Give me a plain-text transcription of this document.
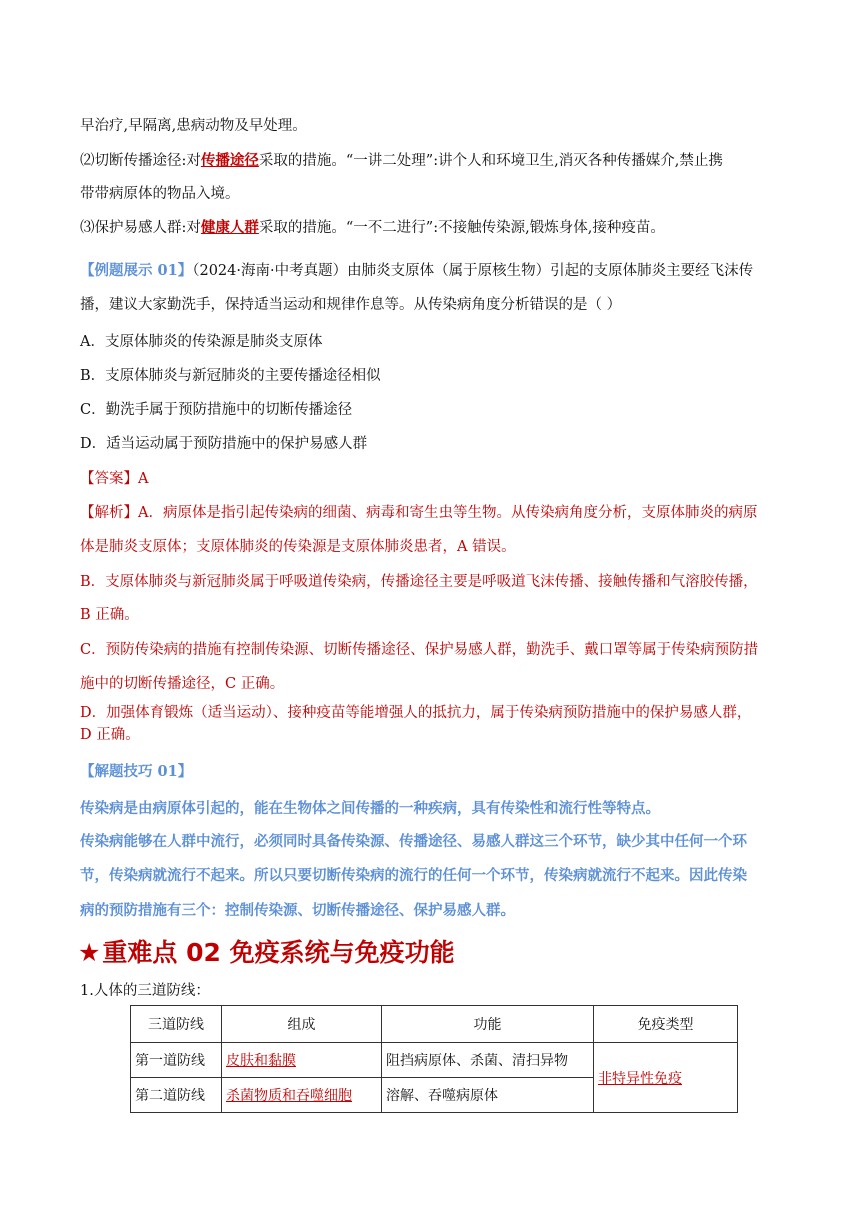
早治疗,早隔离,患病动物及早处理。
⑵切断传播途径:对传播途径采取的措施。“一讲二处理”:讲个人和环境卫生,消灭各种传播媒介,禁止携
带带病原体的物品入境。
⑶保护易感人群:对健康人群采取的措施。“一不二进行”:不接触传染源,锻炼身体,接种疫苗。
【例题展示 01】（2024·海南·中考真题）由肺炎支原体（属于原核生物）引起的支原体肺炎主要经飞沫传
播，建议大家勤洗手，保持适当运动和规律作息等。从传染病角度分析错误的是（ ）
A．支原体肺炎的传染源是肺炎支原体
B．支原体肺炎与新冠肺炎的主要传播途径相似
C．勤洗手属于预防措施中的切断传播途径
D．适当运动属于预防措施中的保护易感人群
【答案】A
【解析】A．病原体是指引起传染病的细菌、病毒和寄生虫等生物。从传染病角度分析，支原体肺炎的病原
体是肺炎支原体；支原体肺炎的传染源是支原体肺炎患者，A 错误。
B．支原体肺炎与新冠肺炎属于呼吸道传染病，传播途径主要是呼吸道飞沫传播、接触传播和气溶胶传播，
B 正确。
C．预防传染病的措施有控制传染源、切断传播途径、保护易感人群，勤洗手、戴口罩等属于传染病预防措
施中的切断传播途径，C 正确。
D．加强体育锻炼（适当运动）、接种疫苗等能增强人的抵抗力，属于传染病预防措施中的保护易感人群，
D 正确。
【解题技巧 01】
传染病是由病原体引起的，能在生物体之间传播的一种疾病，具有传染性和流行性等特点。
传染病能够在人群中流行，必须同时具备传染源、传播途径、易感人群这三个环节，缺少其中任何一个环
节，传染病就流行不起来。所以只要切断传染病的流行的任何一个环节，传染病就流行不起来。因此传染
病的预防措施有三个：控制传染源、切断传播途径、保护易感人群。
★重难点 02 免疫系统与免疫功能
1.人体的三道防线：
三道防线	组成	功能	免疫类型
第一道防线	皮肤和黏膜	阻挡病原体、杀菌、清扫异物	非特异性免疫
第二道防线	杀菌物质和吞噬细胞	溶解、吞噬病原体	
